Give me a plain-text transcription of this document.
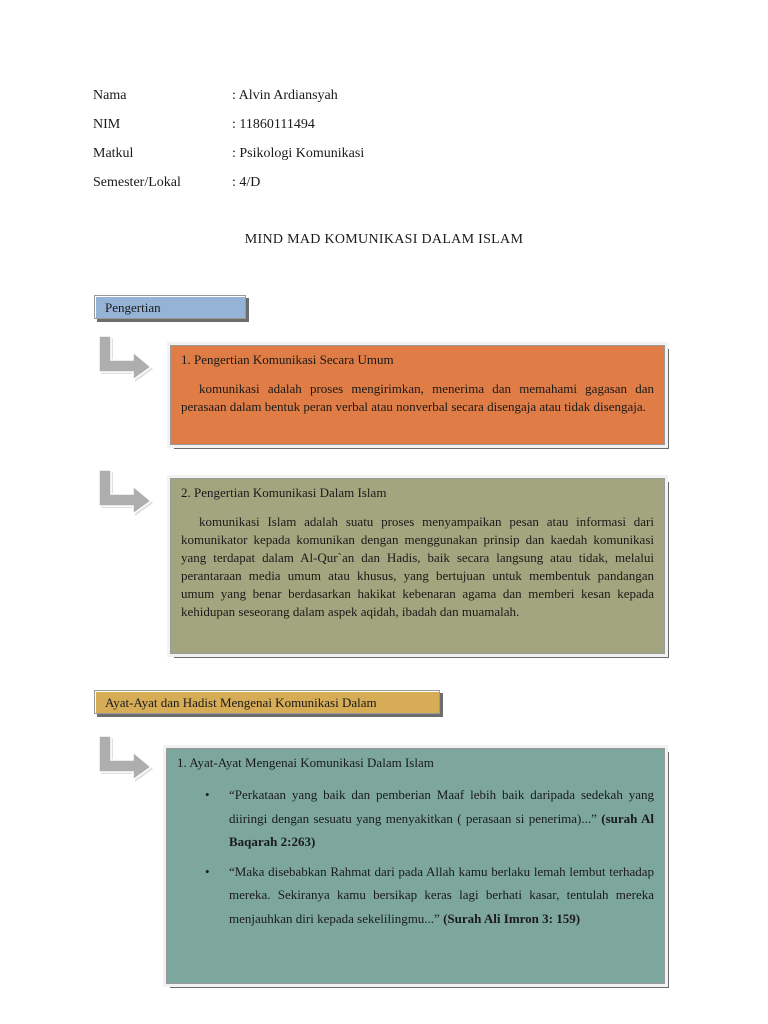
Nama	: Alvin Ardiansyah
NIM	: 11860111494
Matkul	: Psikologi Komunikasi
Semester/Lokal	: 4/D
MIND MAD KOMUNIKASI DALAM ISLAM
Pengertian
1. Pengertian Komunikasi Secara Umum
komunikasi adalah proses mengirimkan, menerima dan memahami gagasan dan perasaan dalam bentuk peran verbal atau nonverbal secara disengaja atau tidak disengaja.
2. Pengertian Komunikasi Dalam Islam
komunikasi Islam adalah suatu proses menyampaikan pesan atau informasi dari komunikator kepada komunikan dengan menggunakan prinsip dan kaedah komunikasi yang terdapat dalam Al-Qur`an dan Hadis, baik secara langsung atau tidak, melalui perantaraan media umum atau khusus, yang bertujuan untuk membentuk pandangan umum yang benar berdasarkan hakikat kebenaran agama dan memberi kesan kepada kehidupan seseorang dalam aspek aqidah, ibadah dan muamalah.
Ayat-Ayat dan Hadist Mengenai Komunikasi Dalam
1. Ayat-Ayat Mengenai Komunikasi Dalam Islam
• “Perkataan yang baik dan pemberian Maaf lebih baik daripada sedekah yang diiringi dengan sesuatu yang menyakitkan ( perasaan si penerima)...” (surah Al Baqarah 2:263)
• “Maka disebabkan Rahmat dari pada Allah kamu berlaku lemah lembut terhadap mereka. Sekiranya kamu bersikap keras lagi berhati kasar, tentulah mereka menjauhkan diri kepada sekelilingmu...” (Surah Ali Imron 3: 159)
